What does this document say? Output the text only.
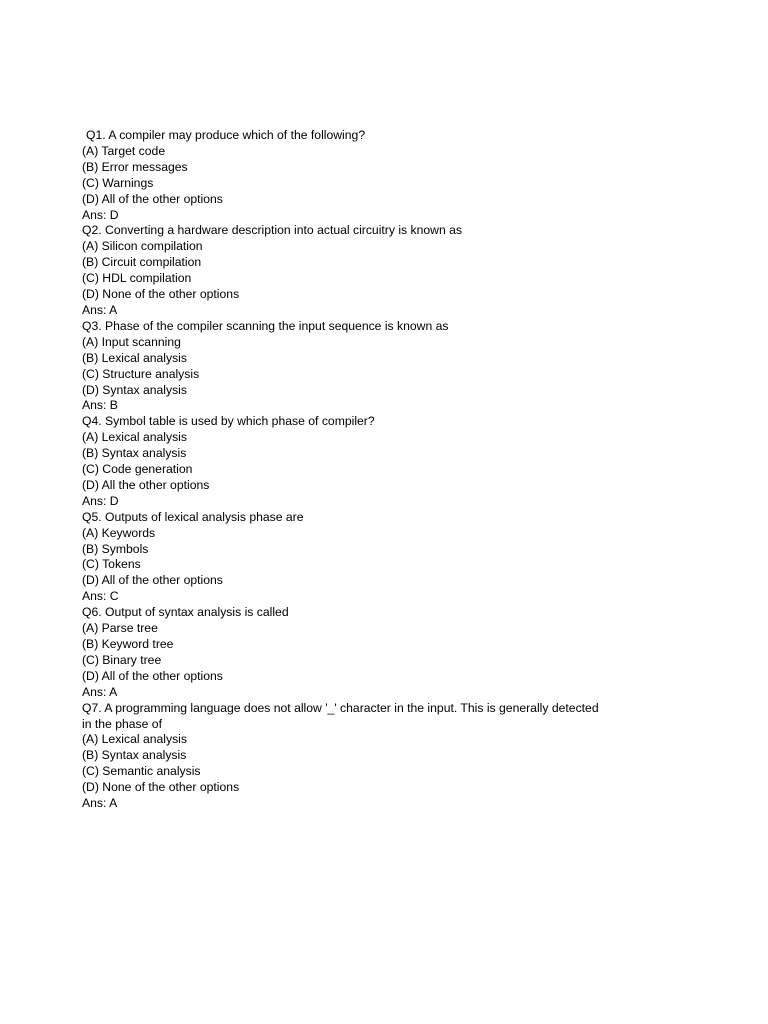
Q1. A compiler may produce which of the following?
(A) Target code
(B) Error messages
(C) Warnings
(D) All of the other options
Ans: D
Q2. Converting a hardware description into actual circuitry is known as
(A) Silicon compilation
(B) Circuit compilation
(C) HDL compilation
(D) None of the other options
Ans: A
Q3. Phase of the compiler scanning the input sequence is known as
(A) Input scanning
(B) Lexical analysis
(C) Structure analysis
(D) Syntax analysis
Ans: B
Q4. Symbol table is used by which phase of compiler?
(A) Lexical analysis
(B) Syntax analysis
(C) Code generation
(D) All the other options
Ans: D
Q5. Outputs of lexical analysis phase are
(A) Keywords
(B) Symbols
(C) Tokens
(D) All of the other options
Ans: C
Q6. Output of syntax analysis is called
(A) Parse tree
(B) Keyword tree
(C) Binary tree
(D) All of the other options
Ans: A
Q7. A programming language does not allow '_' character in the input. This is generally detected
in the phase of
(A) Lexical analysis
(B) Syntax analysis
(C) Semantic analysis
(D) None of the other options
Ans: A
